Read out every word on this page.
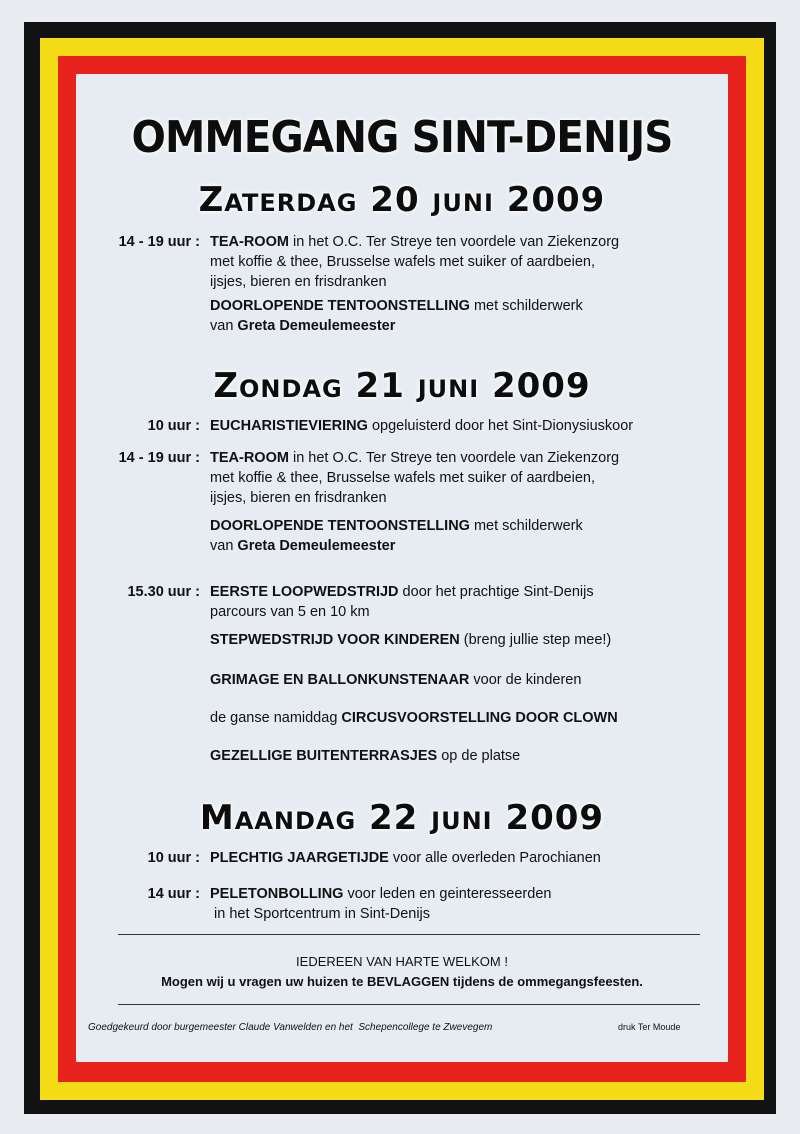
OMMEGANG SINT-DENIJS
Zaterdag 20 juni 2009
14 - 19 uur : TEA-ROOM in het O.C. Ter Streye ten voordele van Ziekenzorg
met koffie & thee, Brusselse wafels met suiker of aardbeien,
ijsjes, bieren en frisdranken
DOORLOPENDE TENTOONSTELLING met schilderwerk
van Greta Demeulemeester
Zondag 21 juni 2009
10 uur : EUCHARISTIEVIERING opgeluisterd door het Sint-Dionysiuskoor
14 - 19 uur : TEA-ROOM in het O.C. Ter Streye ten voordele van Ziekenzorg
met koffie & thee, Brusselse wafels met suiker of aardbeien,
ijsjes, bieren en frisdranken
DOORLOPENDE TENTOONSTELLING met schilderwerk
van Greta Demeulemeester
15.30 uur : EERSTE LOOPWEDSTRIJD door het prachtige Sint-Denijs
parcours van 5 en 10 km
STEPWEDSTRIJD VOOR KINDEREN (breng jullie step mee!)
GRIMAGE EN BALLONKUNSTENAAR voor de kinderen
de ganse namiddag CIRCUSVOORSTELLING DOOR CLOWN
GEZELLIGE BUITENTERRASJES op de platse
Maandag 22 juni 2009
10 uur : PLECHTIG JAARGETIJDE voor alle overleden Parochianen
14 uur : PELETONBOLLING voor leden en geinteresseerden
in het Sportcentrum in Sint-Denijs
IEDEREEN VAN HARTE WELKOM !
Mogen wij u vragen uw huizen te BEVLAGGEN tijdens de ommegangsfeesten.
Goedgekeurd door burgemeester Claude Vanwelden en het  Schepencollege te Zwevegem	druk Ter Moude
